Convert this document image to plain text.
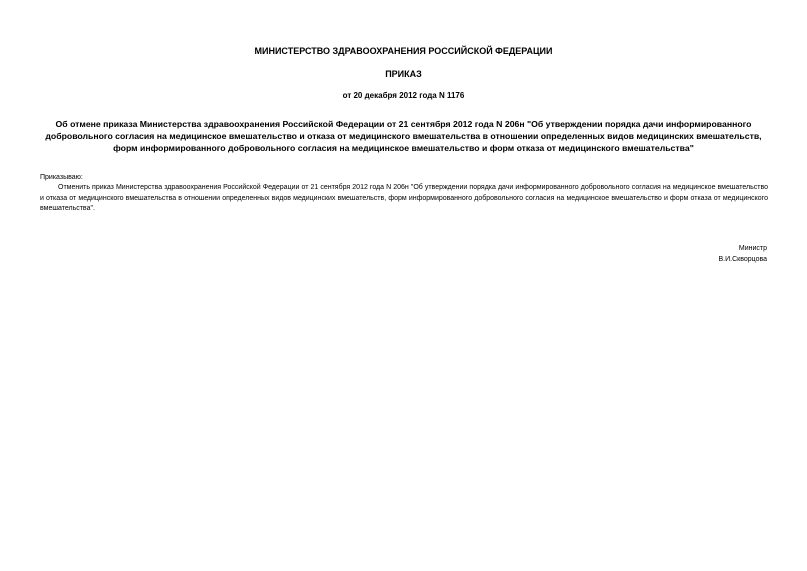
МИНИСТЕРСТВО ЗДРАВООХРАНЕНИЯ РОССИЙСКОЙ ФЕДЕРАЦИИ
ПРИКАЗ
от 20 декабря 2012 года N 1176
Об отмене приказа Министерства здравоохранения Российской Федерации от 21 сентября 2012 года N 206н "Об утверждении порядка дачи информированного добровольного согласия на медицинское вмешательство и отказа от медицинского вмешательства в отношении определенных видов медицинских вмешательств, форм информированного добровольного согласия на медицинское вмешательство и форм отказа от медицинского вмешательства"
Приказываю:
Отменить приказ Министерства здравоохранения Российской Федерации от 21 сентября 2012 года N 206н "Об утверждении порядка дачи информированного добровольного согласия на медицинское вмешательство и отказа от медицинского вмешательства в отношении определенных видов медицинских вмешательств, форм информированного добровольного согласия на медицинское вмешательство и форм отказа от медицинского вмешательства".
Министр
В.И.Скворцова
